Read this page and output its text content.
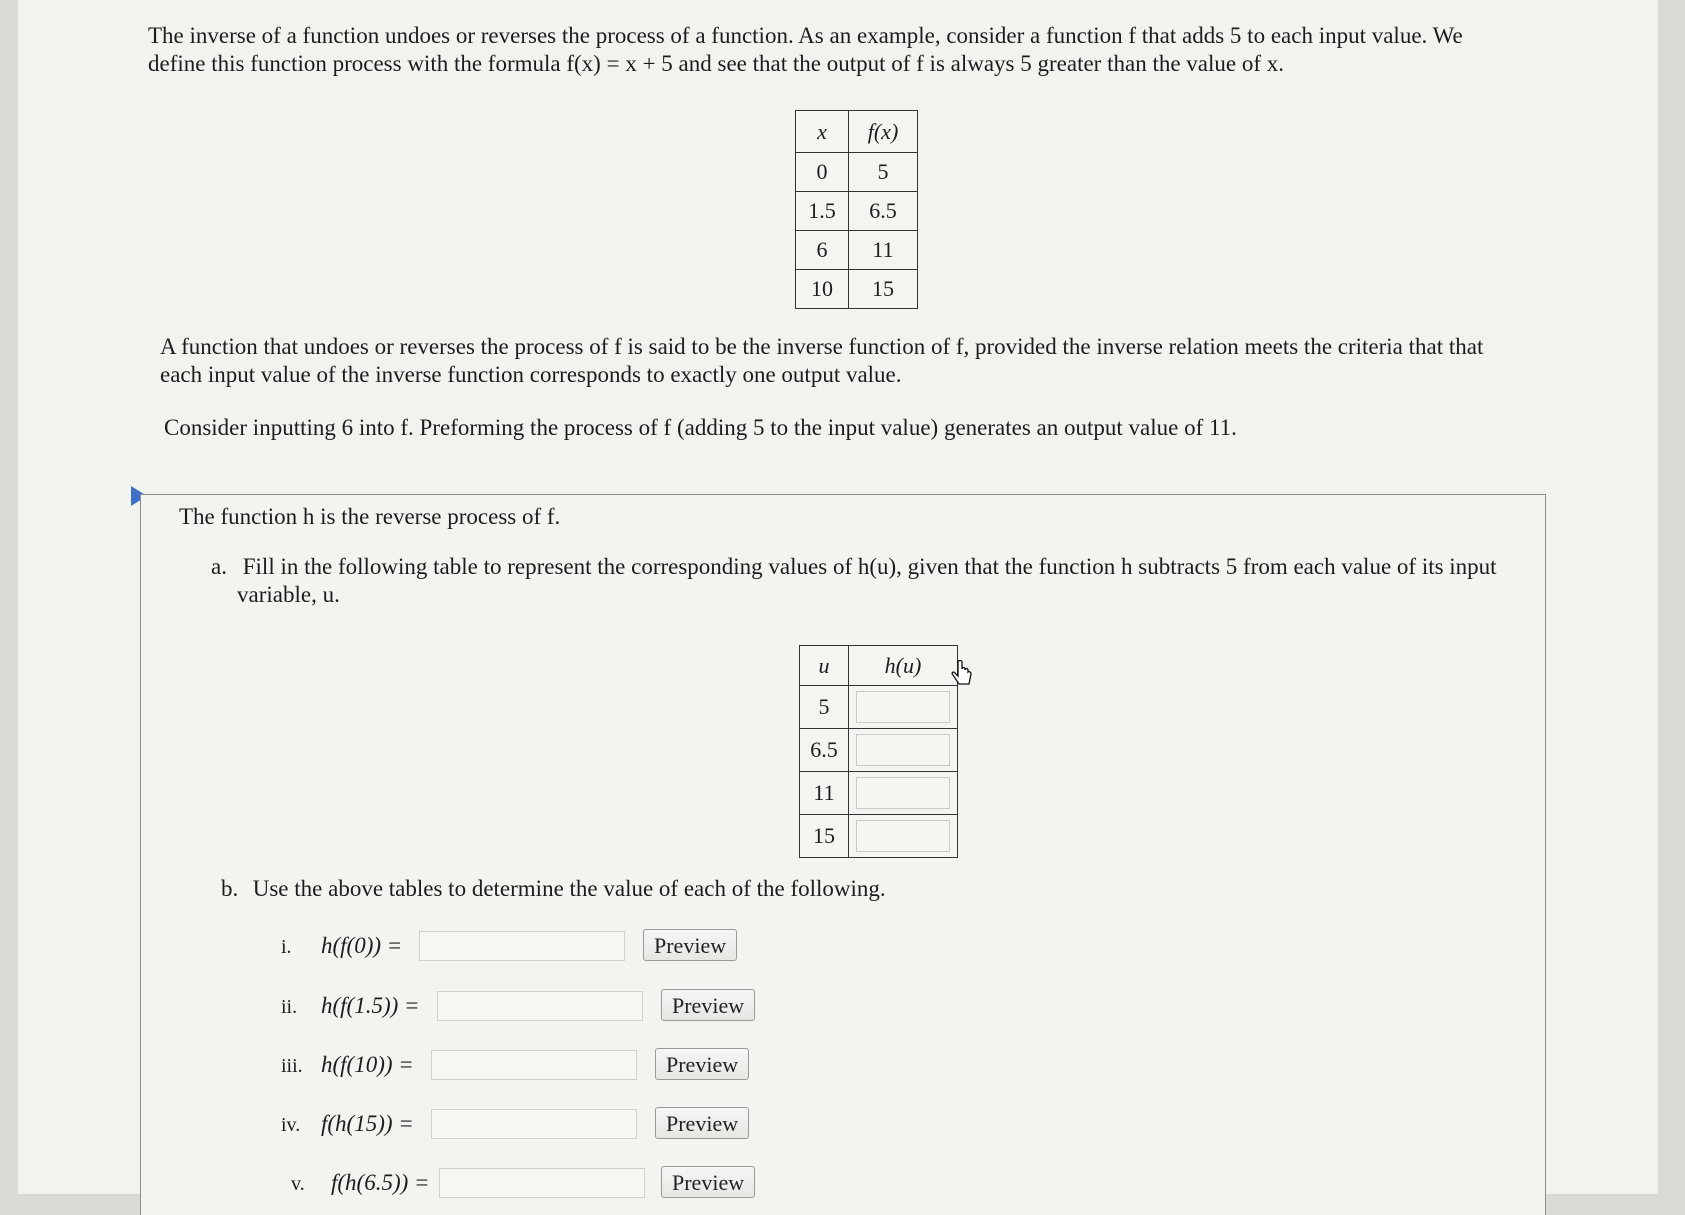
The inverse of a function undoes or reverses the process of a function. As an example, consider a function f that adds 5 to each input value. We
define this function process with the formula f(x) = x + 5 and see that the output of f is always 5 greater than the value of x.
x	f(x)
0	5
1.5	6.5
6	11
10	15
A function that undoes or reverses the process of f is said to be the inverse function of f, provided the inverse relation meets the criteria that that
each input value of the inverse function corresponds to exactly one output value.
Consider inputting 6 into f. Preforming the process of f (adding 5 to the input value) generates an output value of 11.
The function h is the reverse process of f.
a. Fill in the following table to represent the corresponding values of h(u), given that the function h subtracts 5 from each value of its input
variable, u.
u	h(u)
5	
6.5	
11	
15	
b. Use the above tables to determine the value of each of the following.
i. h(f(0)) =	Preview
ii. h(f(1.5)) =	Preview
iii. h(f(10)) =	Preview
iv. f(h(15)) =	Preview
v. f(h(6.5)) =	Preview
